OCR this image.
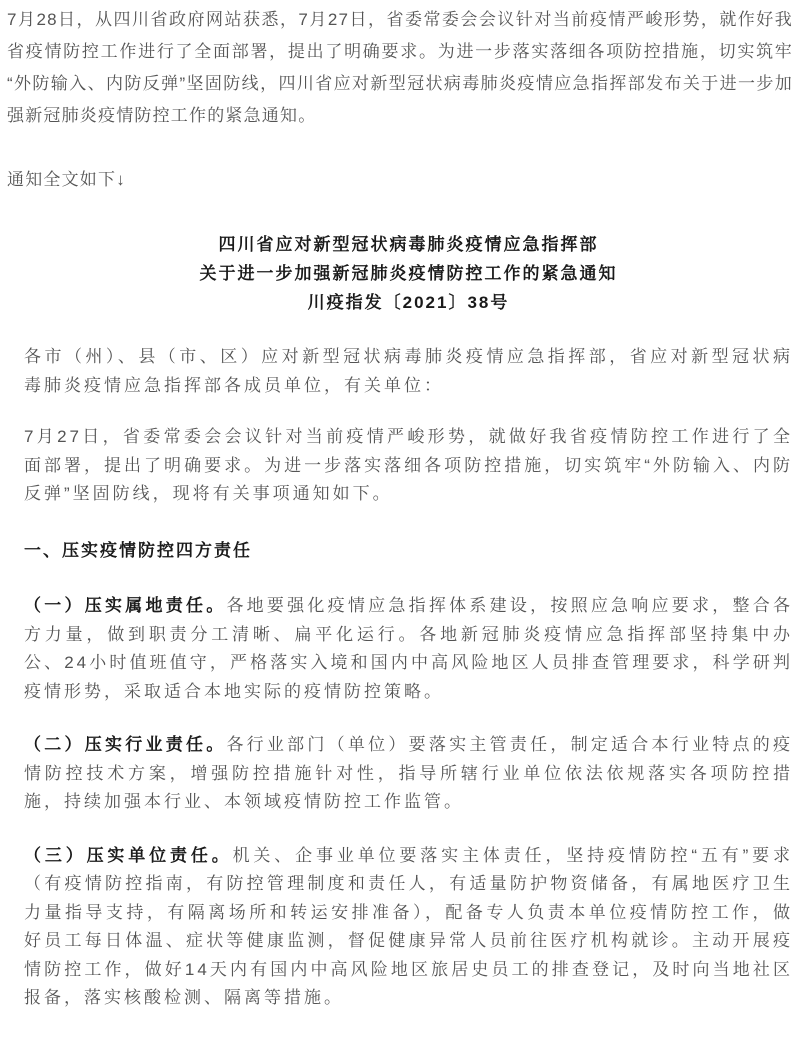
7月28日，从四川省政府网站获悉，7月27日，省委常委会会议针对当前疫情严峻形势，就作好我省疫情防控工作进行了全面部署，提出了明确要求。为进一步落实落细各项防控措施，切实筑牢“外防输入、内防反弹”坚固防线，四川省应对新型冠状病毒肺炎疫情应急指挥部发布关于进一步加强新冠肺炎疫情防控工作的紧急通知。

通知全文如下↓

四川省应对新型冠状病毒肺炎疫情应急指挥部
关于进一步加强新冠肺炎疫情防控工作的紧急通知
川疫指发〔2021〕38号

各市（州）、县（市、区）应对新型冠状病毒肺炎疫情应急指挥部，省应对新型冠状病毒肺炎疫情应急指挥部各成员单位，有关单位：

7月27日，省委常委会会议针对当前疫情严峻形势，就做好我省疫情防控工作进行了全面部署，提出了明确要求。为进一步落实落细各项防控措施，切实筑牢“外防输入、内防反弹”坚固防线，现将有关事项通知如下。

一、压实疫情防控四方责任

（一）压实属地责任。各地要强化疫情应急指挥体系建设，按照应急响应要求，整合各方力量，做到职责分工清晰、扁平化运行。各地新冠肺炎疫情应急指挥部坚持集中办公、24小时值班值守，严格落实入境和国内中高风险地区人员排查管理要求，科学研判疫情形势，采取适合本地实际的疫情防控策略。

（二）压实行业责任。各行业部门（单位）要落实主管责任，制定适合本行业特点的疫情防控技术方案，增强防控措施针对性，指导所辖行业单位依法依规落实各项防控措施，持续加强本行业、本领域疫情防控工作监管。

（三）压实单位责任。机关、企事业单位要落实主体责任，坚持疫情防控“五有”要求（有疫情防控指南，有防控管理制度和责任人，有适量防护物资储备，有属地医疗卫生力量指导支持，有隔离场所和转运安排准备），配备专人负责本单位疫情防控工作，做好员工每日体温、症状等健康监测，督促健康异常人员前往医疗机构就诊。主动开展疫情防控工作，做好14天内有国内中高风险地区旅居史员工的排查登记，及时向当地社区报备，落实核酸检测、隔离等措施。
